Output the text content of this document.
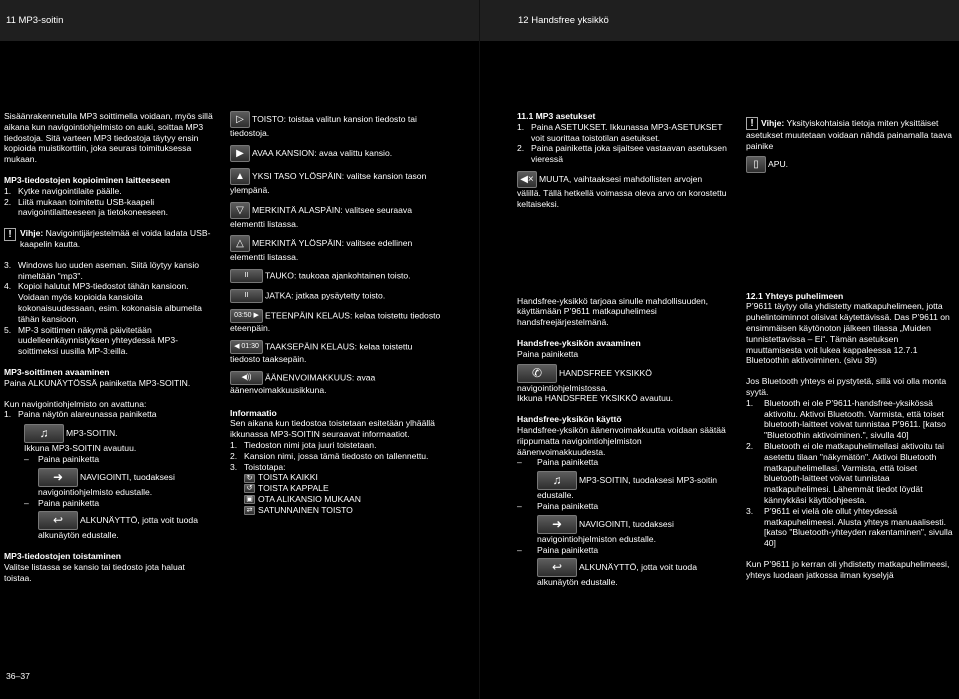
11 MP3-soitin

Sisäänrakennetulla MP3 soittimella voidaan, myös sillä aikana kun navigointiohjelmisto on auki, soittaa MP3 tiedostoja. Sitä varteen MP3 tiedostoja täytyy ensin kopioida muistikorttiin, joka seurasi toimituksessa mukaan.

MP3-tiedostojen kopioiminen laitteeseen

1. Kytke navigointilaite päälle.
2. Liitä mukaan toimitettu USB-kaapeli navigointilaitteeseen ja tietokoneeseen.
! Vihje: Navigointijärjestelmää ei voida ladata USB-kaapelin kautta.
3. Windows luo uuden aseman. Siitä löytyy kansio nimeltään "mp3".
4. Kopioi halutut MP3-tiedostot tähän kansioon. Voidaan myös kopioida kansioita kokonaisuudessaan, esim. kokonaisia albumeita tähän kansioon.
5. MP-3 soittimen näkymä päivitetään uudelleenkäynnistyksen yhteydessä MP3-soittimeksi uusilla MP-3:eilla.

MP3-soittimen avaaminen

Paina ALKUNÄYTÖSSÄ painiketta MP3-SOITIN.

Kun navigointiohjelmisto on avattuna:

1. Paina näytön alareunassa painiketta
♫ MP3-SOITIN.

Ikkuna MP3-SOITIN avautuu.

– Paina painiketta
➜ NAVIGOINTI, tuodaksesi navigointiohjelmisto edustalle.
– Paina painiketta
↩ ALKUNÄYTTÖ, jotta voit tuoda alkunäytön edustalle.

MP3-tiedostojen toistaminen

Valitse listassa se kansio tai tiedosto jota haluat toistaa.

▷ TOISTO: toistaa valitun kansion tiedosto tai tiedostoja.
▶ AVAA KANSION: avaa valittu kansio.
▲ YKSI TASO YLÖSPÄIN: valitse kansion tason ylempänä.
▽ MERKINTÄ ALASPÄIN: valitsee seuraava elementti listassa.
△ MERKINTÄ YLÖSPÄIN: valitsee edellinen elementti listassa.
II TAUKO: taukoaa ajankohtainen toisto.
II JATKA: jatkaa pysäytetty toisto.
03:50 ▶ ETEENPÄIN KELAUS: kelaa toistettu tiedosto eteenpäin.
◀ 01:30 TAAKSEPÄIN KELAUS: kelaa toistettu tiedosto taaksepäin.
◀)) ÄÄNENVOIMAKKUUS: avaa äänenvoimakkuusikkuna.

Informaatio

Sen aikana kun tiedostoa toistetaan esitetään ylhäällä ikkunassa MP3-SOITIN seuraavat informaatiot.

1. Tiedoston nimi jota juuri toistetaan.
2. Kansion nimi, jossa tämä tiedosto on tallennettu.
3. Toistotapa:
↻ TOISTA KAIKKI
↺ TOISTA KAPPALE
▣ OTA ALIKANSIO MUKAAN
⇄ SATUNNAINEN TOISTO
36–37
12 Handsfree yksikkö

11.1 MP3 asetukset

1. Paina ASETUKSET. Ikkunassa MP3-ASETUKSET voit suorittaa toistotilan asetukset.
2. Paina painiketta joka sijaitsee vastaavan asetuksen vieressä
◀× MUUTA, vaihtaaksesi mahdollisten arvojen välillä. Tällä hetkellä voimassa oleva arvo on korostettu keltaiseksi.

Handsfree-yksikkö tarjoaa sinulle mahdollisuuden, käyttämään P’9611 matkapuhelimesi handsfreejärjestelmänä.

Handsfree-yksikön avaaminen

Paina painiketta

✆ HANDSFREE YKSIKKÖ navigointiohjelmistossa.

Ikkuna HANDSFREE YKSIKKÖ avautuu.

Handsfree-yksikön käyttö

Handsfree-yksikön äänenvoimakkuutta voidaan säätää riippumatta navigointiohjelmiston äänenvoimakkuudesta.

– Paina painiketta
♫ MP3-SOITIN, tuodaksesi MP3-soitin edustalle.
– Paina painiketta
➜ NAVIGOINTI, tuodaksesi navigointiohjelmiston edustalle.
– Paina painiketta
↩ ALKUNÄYTTÖ, jotta voit tuoda alkunäytön edustalle.
! Vihje: Yksityiskohtaisia tietoja miten yksittäiset asetukset muutetaan voidaan nähdä painamalla taava painike
▯ APU.

12.1 Yhteys puhelimeen

P’9611 täytyy olla yhdistetty matkapuhelimeen, jotta puhelintoiminnot olisivat käytettävissä. Das P’9611 on ensimmäisen käytönoton jälkeen tilassa „Muiden tunnistettavissa – Ei“. Tämän asetuksen muuttamisesta voit lukea kappaleessa 12.7.1 Bluetoothin aktivoiminen. (sivu 39)

Jos Bluetooth yhteys ei pystytetä, sillä voi olla monta syytä.

1. Bluetooth ei ole P’9611-handsfree-yksikössä aktivoitu. Aktivoi Bluetooth. Varmista, että toiset bluetooth-laitteet voivat tunnistaa P’9611. [katso "Bluetoothin aktivoiminen.", sivulla 40]
2. Bluetooth ei ole matkapuhelimellasi aktivoitu tai asetettu tilaan "näkymätön". Aktivoi Bluetooth matkapuhelimellasi. Varmista, että toiset bluetooth-laitteet voivat tunnistaa matkapuhelimesi. Lähemmät tiedot löydät kännykkäsi käyttöohjeesta.
3. P’9611 ei vielä ole ollut yhteydessä matkapuhelimeesi. Alusta yhteys manuaalisesti. [katso "Bluetooth-yhteyden rakentaminen", sivulla 40]

Kun P’9611 jo kerran oli yhdistetty matkapuhelimeesi, yhteys luodaan jatkossa ilman kyselyjä
